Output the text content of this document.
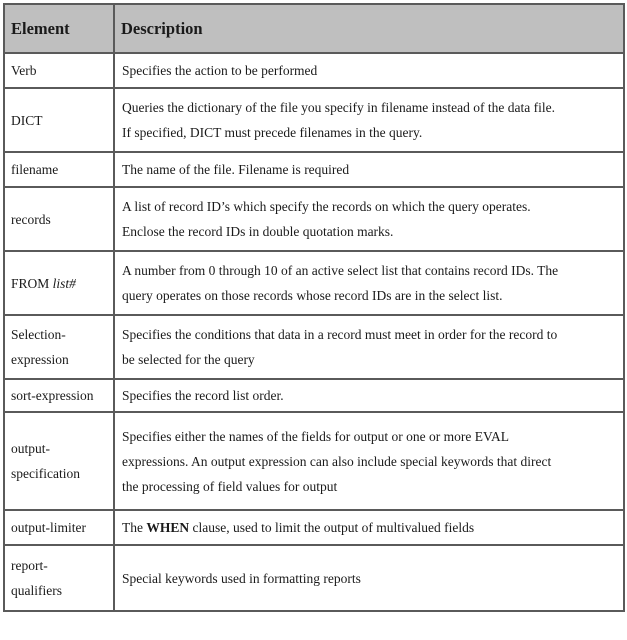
Element	Description
Verb	Specifies the action to be performed
DICT	Queries the dictionary of the file you specify in filename instead of the data file.
If specified, DICT must precede filenames in the query.

filename	The name of the file. Filename is required
records	A list of record ID’s which specify the records on which the query operates.
Enclose the record IDs in double quotation marks.

FROM list#	A number from 0 through 10 of an active select list that contains record IDs. The
query operates on those records whose record IDs are in the select list.

Selection-
expression	Specifies the conditions that data in a record must meet in order for the record to
be selected for the query

sort-expression	Specifies the record list order.

output-
specification	Specifies either the names of the fields for output or one or more EVAL
expressions. An output expression can also include special keywords that direct
the processing of field values for output

output-limiter	The WHEN clause, used to limit the output of multivalued fields

report-
qualifiers	Special keywords used in formatting reports
